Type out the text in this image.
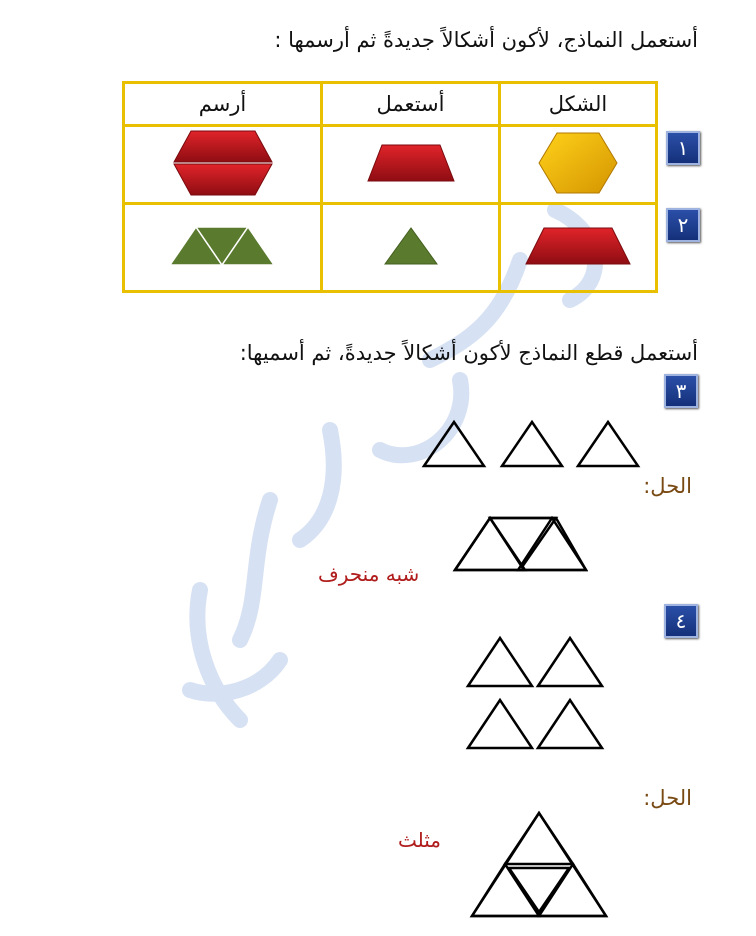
أستعمل النماذج، لأكون أشكالاً جديدةً ثم أرسمها :
أرسم	أستعمل	الشكل

١
٢
أستعمل قطع النماذج لأكون أشكالاً جديدةً، ثم أسميها:
٣
الحل:
شبه منحرف
٤
الحل:
مثلث
